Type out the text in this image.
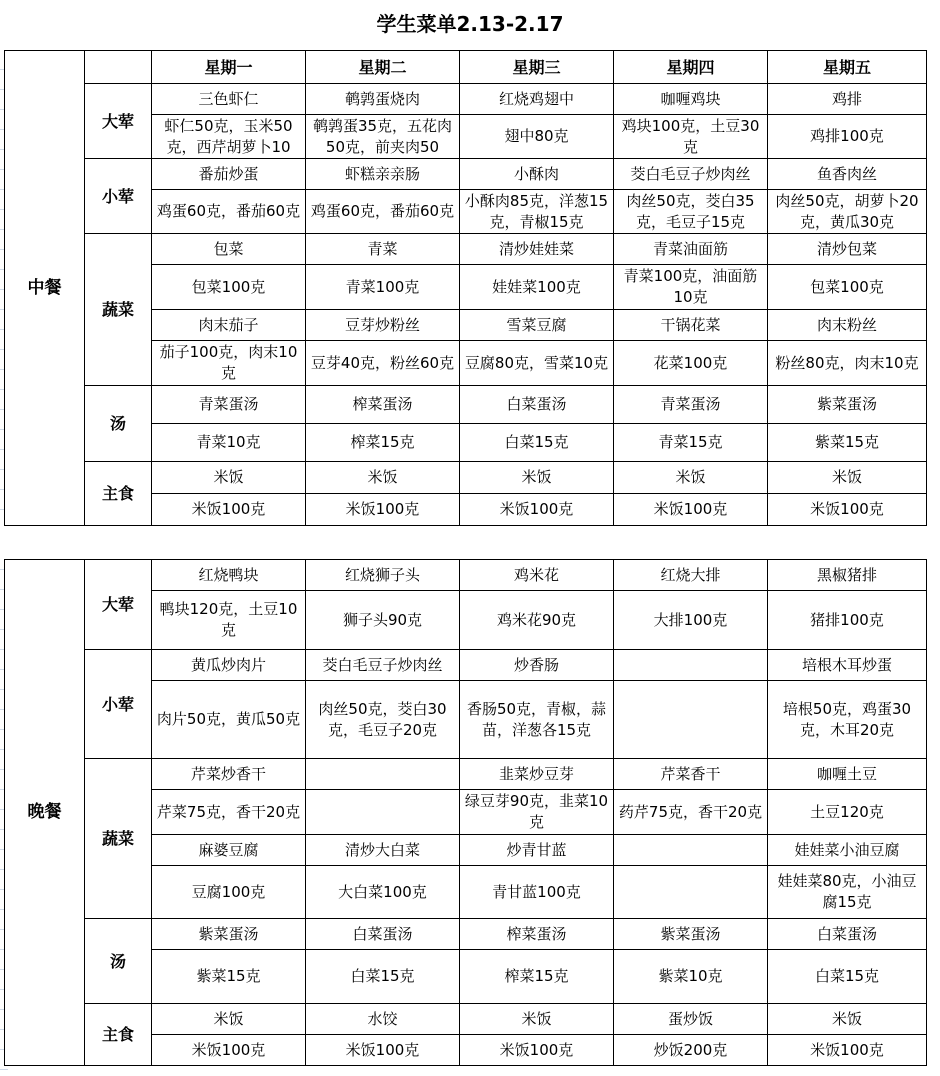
学生菜单2.13-2.17
中餐		星期一	星期二	星期三	星期四	星期五

	大荤	三色虾仁	鹌鹑蛋烧肉	红烧鸡翅中	咖喱鸡块	鸡排

		虾仁50克，玉米50克，西芹胡萝卜10	鹌鹑蛋35克，五花肉50克，前夹肉50	翅中80克	鸡块100克，土豆30克	鸡排100克

	小荤	番茄炒蛋	虾糕亲亲肠	小酥肉	茭白毛豆子炒肉丝	鱼香肉丝

		鸡蛋60克，番茄60克	鸡蛋60克，番茄60克	小酥肉85克，洋葱15克，青椒15克	肉丝50克，茭白35克，毛豆子15克	肉丝50克，胡萝卜20克，黄瓜30克

	蔬菜	包菜	青菜	清炒娃娃菜	青菜油面筋	清炒包菜

		包菜100克	青菜100克	娃娃菜100克	青菜100克，油面筋10克	包菜100克

		肉末茄子	豆芽炒粉丝	雪菜豆腐	干锅花菜	肉末粉丝

		茄子100克，肉末10克	豆芽40克，粉丝60克	豆腐80克，雪菜10克	花菜100克	粉丝80克，肉末10克

	汤	青菜蛋汤	榨菜蛋汤	白菜蛋汤	青菜蛋汤	紫菜蛋汤

		青菜10克	榨菜15克	白菜15克	青菜15克	紫菜15克

	主食	米饭	米饭	米饭	米饭	米饭

		米饭100克	米饭100克	米饭100克	米饭100克	米饭100克
晚餐	大荤	红烧鸭块	红烧狮子头	鸡米花	红烧大排	黑椒猪排

		鸭块120克，土豆10克	狮子头90克	鸡米花90克	大排100克	猪排100克

	小荤	黄瓜炒肉片	茭白毛豆子炒肉丝	炒香肠		培根木耳炒蛋

		肉片50克，黄瓜50克	肉丝50克，茭白30克，毛豆子20克	香肠50克，青椒，蒜苗，洋葱各15克		培根50克，鸡蛋30克，木耳20克

	蔬菜	芹菜炒香干		韭菜炒豆芽	芹菜香干	咖喱土豆

		芹菜75克，香干20克		绿豆芽90克，韭菜10克	药芹75克，香干20克	土豆120克

		麻婆豆腐	清炒大白菜	炒青甘蓝		娃娃菜小油豆腐

		豆腐100克	大白菜100克	青甘蓝100克		娃娃菜80克，小油豆腐15克

	汤	紫菜蛋汤	白菜蛋汤	榨菜蛋汤	紫菜蛋汤	白菜蛋汤

		紫菜15克	白菜15克	榨菜15克	紫菜10克	白菜15克

	主食	米饭	水饺	米饭	蛋炒饭	米饭

		米饭100克	米饭100克	米饭100克	炒饭200克	米饭100克
